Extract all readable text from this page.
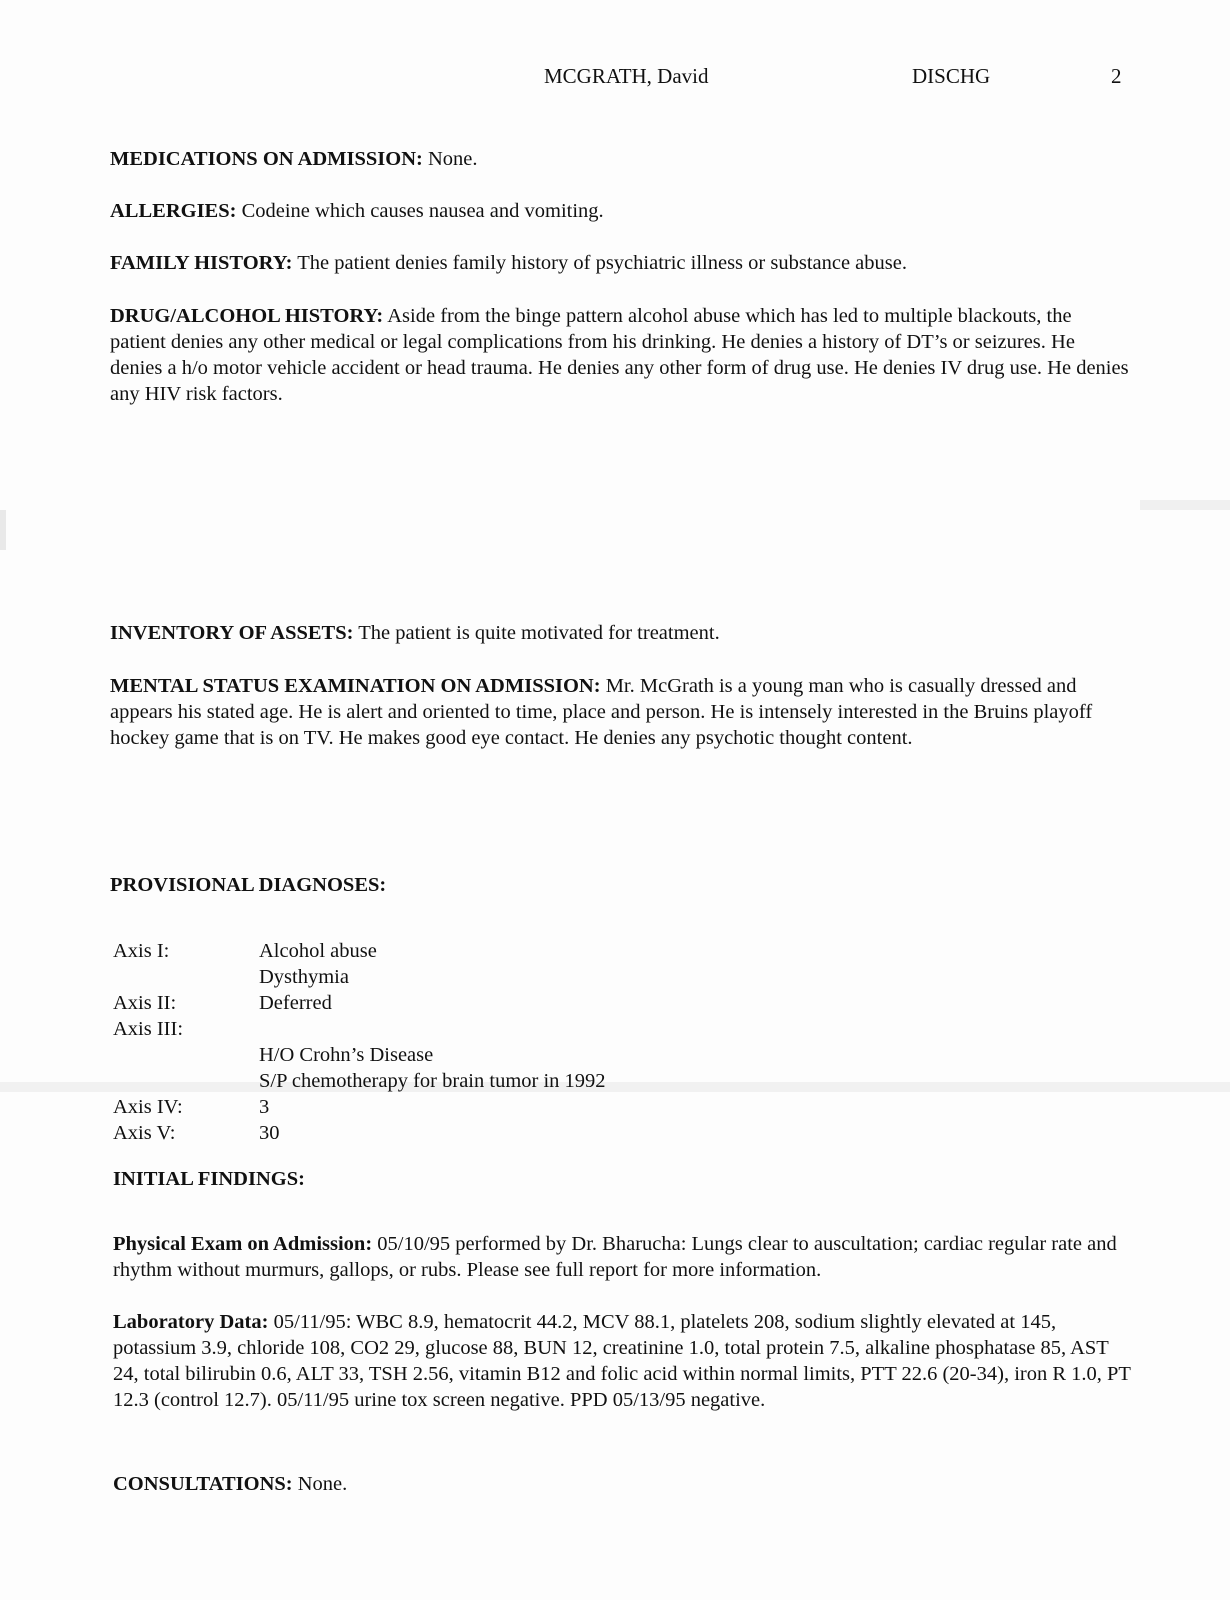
MCGRATH, David	DISCHG	2
MEDICATIONS ON ADMISSION: None.
ALLERGIES: Codeine which causes nausea and vomiting.
FAMILY HISTORY: The patient denies family history of psychiatric illness or substance abuse.
DRUG/ALCOHOL HISTORY: Aside from the binge pattern alcohol abuse which has led to multiple blackouts, the patient denies any other medical or legal complications from his drinking. He denies a history of DT’s or seizures. He denies a h/o motor vehicle accident or head trauma. He denies any other form of drug use. He denies IV drug use. He denies any HIV risk factors.
INVENTORY OF ASSETS: The patient is quite motivated for treatment.
MENTAL STATUS EXAMINATION ON ADMISSION: Mr. McGrath is a young man who is casually dressed and appears his stated age. He is alert and oriented to time, place and person. He is intensely interested in the Bruins playoff hockey game that is on TV. He makes good eye contact. He denies any psychotic thought content.
PROVISIONAL DIAGNOSES:
Axis I:	Alcohol abuse
Dysthymia
Axis II:	Deferred
Axis III:
H/O Crohn’s Disease
S/P chemotherapy for brain tumor in 1992
Axis IV:	3
Axis V:	30
INITIAL FINDINGS:
Physical Exam on Admission: 05/10/95 performed by Dr. Bharucha: Lungs clear to auscultation; cardiac regular rate and rhythm without murmurs, gallops, or rubs. Please see full report for more information.
Laboratory Data: 05/11/95: WBC 8.9, hematocrit 44.2, MCV 88.1, platelets 208, sodium slightly elevated at 145, potassium 3.9, chloride 108, CO2 29, glucose 88, BUN 12, creatinine 1.0, total protein 7.5, alkaline phosphatase 85, AST 24, total bilirubin 0.6, ALT 33, TSH 2.56, vitamin B12 and folic acid within normal limits, PTT 22.6 (20-34), iron R 1.0, PT 12.3 (control 12.7). 05/11/95 urine tox screen negative. PPD 05/13/95 negative.
CONSULTATIONS: None.
